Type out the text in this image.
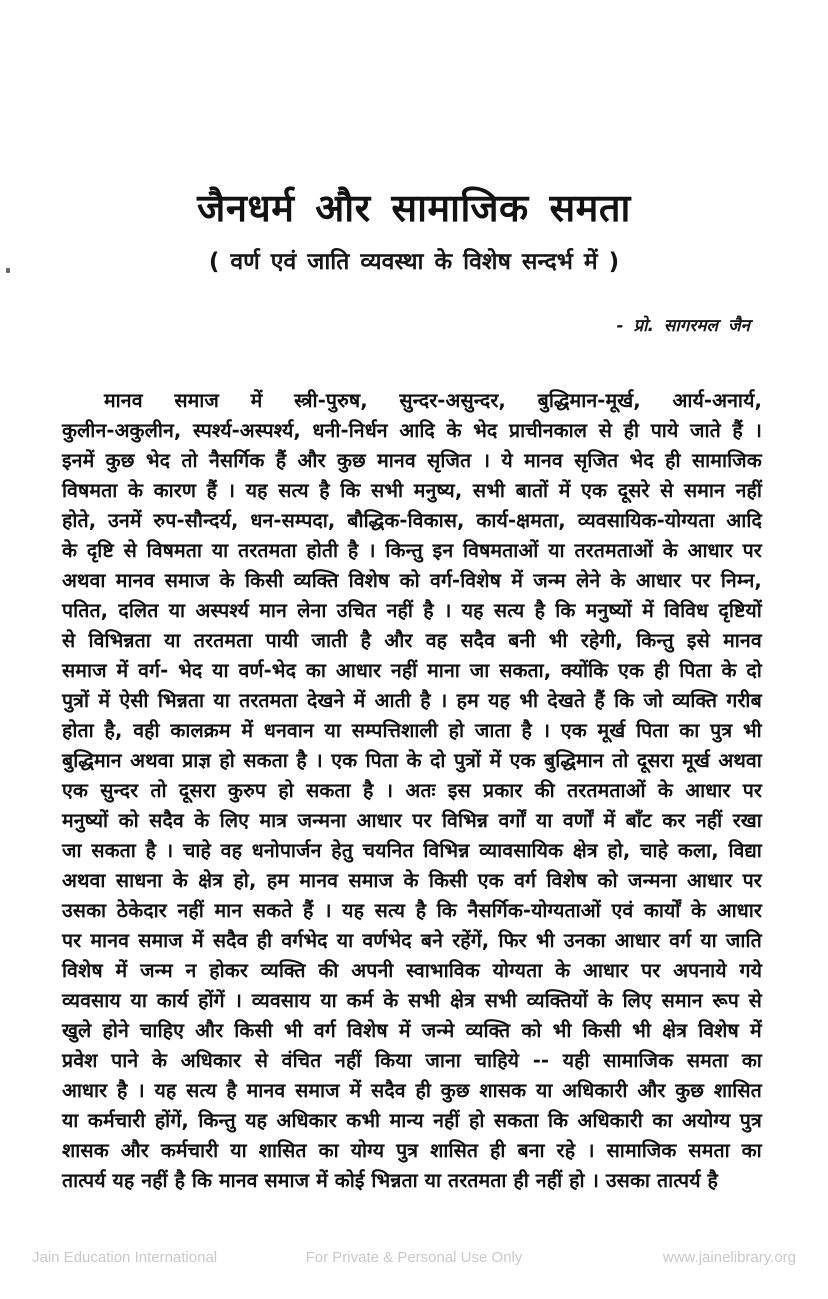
जैनधर्म और सामाजिक समता
( वर्ण एवं जाति व्यवस्था के विशेष सन्दर्भ में )
- प्रो. सागरमल जैन
मानव समाज में स्त्री-पुरुष, सुन्दर-असुन्दर, बुद्धिमान-मूर्ख, आर्य-अनार्य,
कुलीन-अकुलीन, स्पर्श्य-अस्पर्श्य, धनी-निर्धन आदि के भेद प्राचीनकाल से ही पाये जाते हैं ।
इनमें कुछ भेद तो नैसर्गिक हैं और कुछ मानव सृजित । ये मानव सृजित भेद ही सामाजिक
विषमता के कारण हैं । यह सत्य है कि सभी मनुष्य, सभी बातों में एक दूसरे से समान नहीं
होते, उनमें रुप-सौन्दर्य, धन-सम्पदा, बौद्धिक-विकास, कार्य-क्षमता, व्यवसायिक-योग्यता आदि
के दृष्टि से विषमता या तरतमता होती है । किन्तु इन विषमताओं या तरतमताओं के आधार पर
अथवा मानव समाज के किसी व्यक्ति विशेष को वर्ग-विशेष में जन्म लेने के आधार पर निम्न,
पतित, दलित या अस्पर्श्य मान लेना उचित नहीं है । यह सत्य है कि मनुष्यों में विविध दृष्टियों
से विभिन्नता या तरतमता पायी जाती है और वह सदैव बनी भी रहेगी, किन्तु इसे मानव
समाज में वर्ग- भेद या वर्ण-भेद का आधार नहीं माना जा सकता, क्योंकि एक ही पिता के दो
पुत्रों में ऐसी भिन्नता या तरतमता देखने में आती है । हम यह भी देखते हैं कि जो व्यक्ति गरीब
होता है, वही कालक्रम में धनवान या सम्पत्तिशाली हो जाता है । एक मूर्ख पिता का पुत्र भी
बुद्धिमान अथवा प्राज्ञ हो सकता है । एक पिता के दो पुत्रों में एक बुद्धिमान तो दूसरा मूर्ख अथवा
एक सुन्दर तो दूसरा कुरुप हो सकता है । अतः इस प्रकार की तरतमताओं के आधार पर
मनुष्यों को सदैव के लिए मात्र जन्मना आधार पर विभिन्न वर्गों या वर्णों में बाँट कर नहीं रखा
जा सकता है । चाहे वह धनोपार्जन हेतु चयनित विभिन्न व्यावसायिक क्षेत्र हो, चाहे कला, विद्या
अथवा साधना के क्षेत्र हो, हम मानव समाज के किसी एक वर्ग विशेष को जन्मना आधार पर
उसका ठेकेदार नहीं मान सकते हैं । यह सत्य है कि नैसर्गिक-योग्यताओं एवं कार्यों के आधार
पर मानव समाज में सदैव ही वर्गभेद या वर्णभेद बने रहेंगें, फिर भी उनका आधार वर्ग या जाति
विशेष में जन्म न होकर व्यक्ति की अपनी स्वाभाविक योग्यता के आधार पर अपनाये गये
व्यवसाय या कार्य होंगें । व्यवसाय या कर्म के सभी क्षेत्र सभी व्यक्तियों के लिए समान रूप से
खुले होने चाहिए और किसी भी वर्ग विशेष में जन्मे व्यक्ति को भी किसी भी क्षेत्र विशेष में
प्रवेश पाने के अधिकार से वंचित नहीं किया जाना चाहिये -- यही सामाजिक समता का
आधार है । यह सत्य है मानव समाज में सदैव ही कुछ शासक या अधिकारी और कुछ शासित
या कर्मचारी होंगें, किन्तु यह अधिकार कभी मान्य नहीं हो सकता कि अधिकारी का अयोग्य पुत्र
शासक और कर्मचारी या शासित का योग्य पुत्र शासित ही बना रहे । सामाजिक समता का
तात्पर्य यह नहीं है कि मानव समाज में कोई भिन्नता या तरतमता ही नहीं हो । उसका तात्पर्य है
Jain Education International	For Private & Personal Use Only	www.jainelibrary.org
